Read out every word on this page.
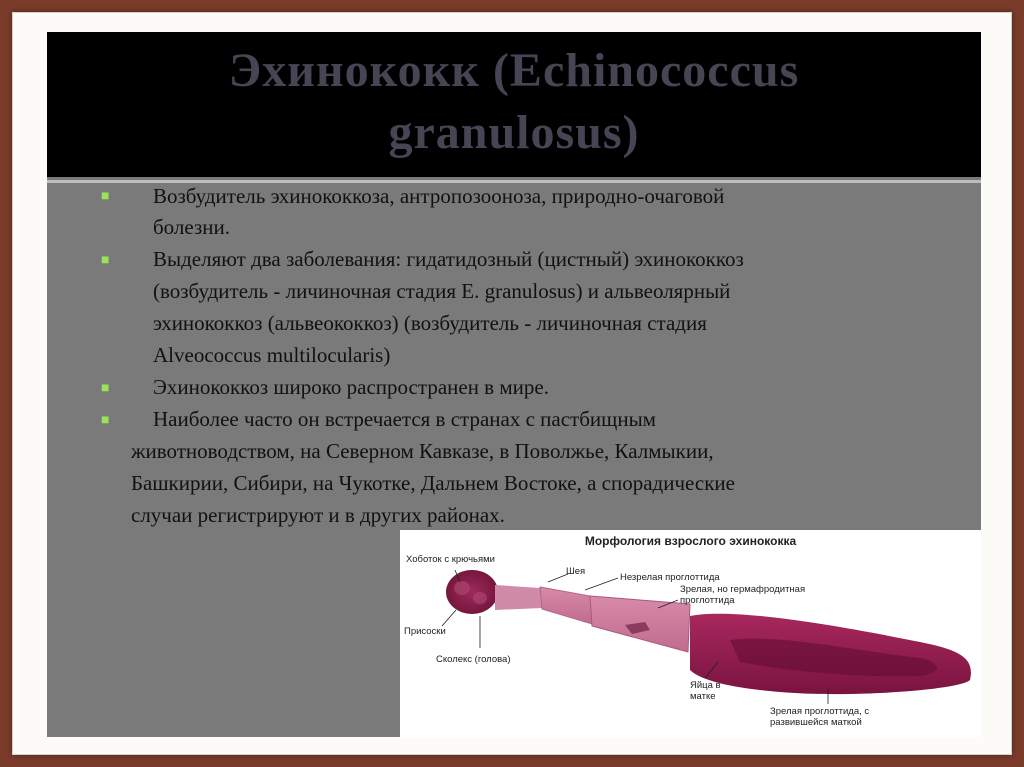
Эхинококк (Echinococcus
granulosus)
■ Возбудитель эхинококкоза, антропозоонoза, природно-очаговой
болезни.
■ Выделяют два заболевания: гидатидозный (цистный) эхинококкоз
(возбудитель - личиночная стадия E. granulosus) и альвеолярный
эхинококкоз (альвеококкоз) (возбудитель - личиночная стадия
Alveococcus multilocularis)
■ Эхинококкоз широко распространен в мире.
■ Наиболее часто он встречается в странах с пастбищным
животноводством, на Северном Кавказе, в Поволжье, Калмыкии,
Башкирии, Сибири, на Чукотке, Дальнем Востоке, а спорадические
случаи регистрируют и в других районах.
Морфология взрослого эхинококка
Хоботок с крючьями
Шея
Незрелая проглоттида
Зрелая, но гермафродитная
проглоттида
Присоски
Сколекс (голова)
Яйца в
матке
Зрелая проглоттида, с
развившейся маткой
